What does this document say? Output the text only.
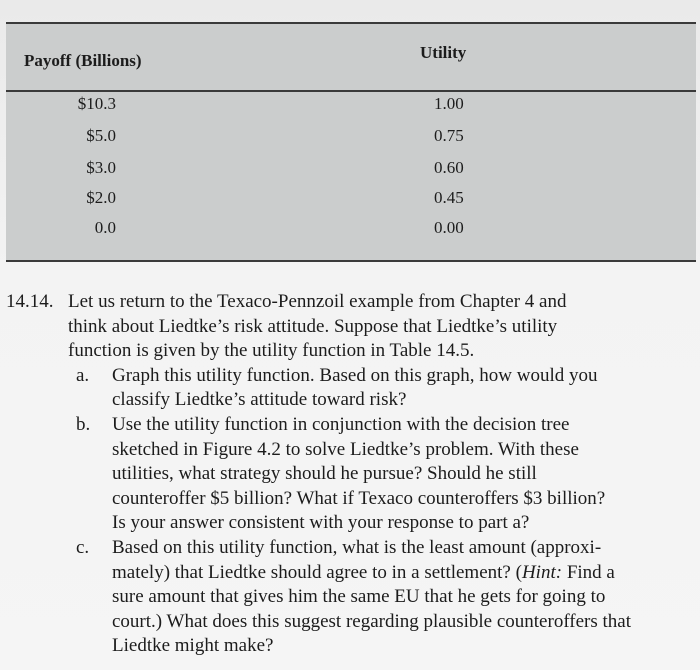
Payoff (Billions)	Utility
$10.3	1.00
$5.0	0.75
$3.0	0.60
$2.0	0.45
0.0	0.00
14.14. Let us return to the Texaco-Pennzoil example from Chapter 4 and
think about Liedtke’s risk attitude. Suppose that Liedtke’s utility
function is given by the utility function in Table 14.5.
a. Graph this utility function. Based on this graph, how would you
classify Liedtke’s attitude toward risk?
b. Use the utility function in conjunction with the decision tree
sketched in Figure 4.2 to solve Liedtke’s problem. With these
utilities, what strategy should he pursue? Should he still
counteroffer $5 billion? What if Texaco counteroffers $3 billion?
Is your answer consistent with your response to part a?
c. Based on this utility function, what is the least amount (approxi-
mately) that Liedtke should agree to in a settlement? (Hint: Find a
sure amount that gives him the same EU that he gets for going to
court.) What does this suggest regarding plausible counteroffers that
Liedtke might make?
